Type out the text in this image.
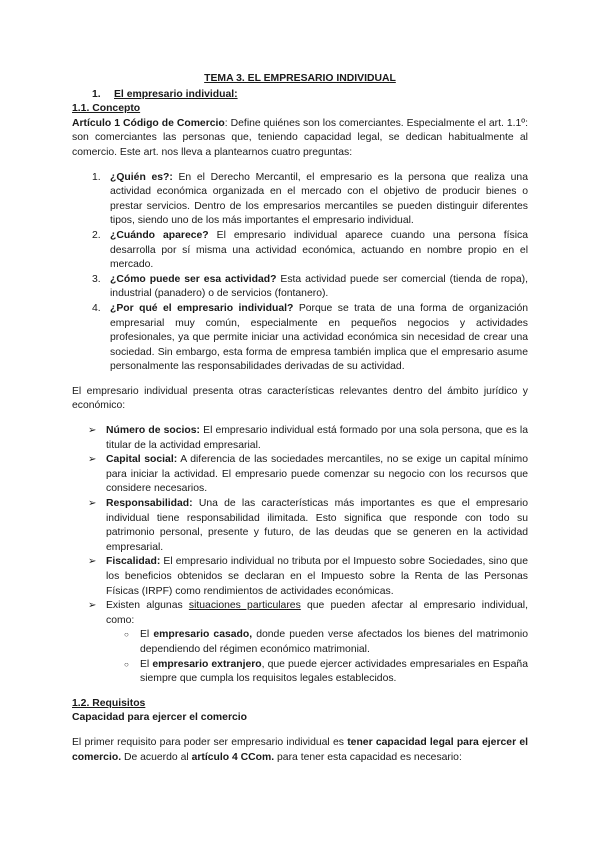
TEMA 3. EL EMPRESARIO INDIVIDUAL

1.	El empresario individual:

1.1. Concepto

Artículo 1 Código de Comercio: Define quiénes son los comerciantes. Especialmente el art. 1.1º: son comerciantes las personas que, teniendo capacidad legal, se dedican habitualmente al comercio. Este art. nos lleva a plantearnos cuatro preguntas:

1. ¿Quién es?: En el Derecho Mercantil, el empresario es la persona que realiza una actividad económica organizada en el mercado con el objetivo de producir bienes o prestar servicios. Dentro de los empresarios mercantiles se pueden distinguir diferentes tipos, siendo uno de los más importantes el empresario individual.
2. ¿Cuándo aparece? El empresario individual aparece cuando una persona física desarrolla por sí misma una actividad económica, actuando en nombre propio en el mercado.
3. ¿Cómo puede ser esa actividad? Esta actividad puede ser comercial (tienda de ropa), industrial (panadero) o de servicios (fontanero).
4. ¿Por qué el empresario individual? Porque se trata de una forma de organización empresarial muy común, especialmente en pequeños negocios y actividades profesionales, ya que permite iniciar una actividad económica sin necesidad de crear una sociedad. Sin embargo, esta forma de empresa también implica que el empresario asume personalmente las responsabilidades derivadas de su actividad.

El empresario individual presenta otras características relevantes dentro del ámbito jurídico y económico:

➢ Número de socios: El empresario individual está formado por una sola persona, que es la titular de la actividad empresarial.
➢ Capital social: A diferencia de las sociedades mercantiles, no se exige un capital mínimo para iniciar la actividad. El empresario puede comenzar su negocio con los recursos que considere necesarios.
➢ Responsabilidad: Una de las características más importantes es que el empresario individual tiene responsabilidad ilimitada. Esto significa que responde con todo su patrimonio personal, presente y futuro, de las deudas que se generen en la actividad empresarial.
➢ Fiscalidad: El empresario individual no tributa por el Impuesto sobre Sociedades, sino que los beneficios obtenidos se declaran en el Impuesto sobre la Renta de las Personas Físicas (IRPF) como rendimientos de actividades económicas.
➢ Existen algunas situaciones particulares que pueden afectar al empresario individual, como:
○	El empresario casado, donde pueden verse afectados los bienes del matrimonio dependiendo del régimen económico matrimonial.
○	El empresario extranjero, que puede ejercer actividades empresariales en España siempre que cumpla los requisitos legales establecidos.

1.2. Requisitos

Capacidad para ejercer el comercio

El primer requisito para poder ser empresario individual es tener capacidad legal para ejercer el comercio. De acuerdo al artículo 4 CCom. para tener esta capacidad es necesario:
